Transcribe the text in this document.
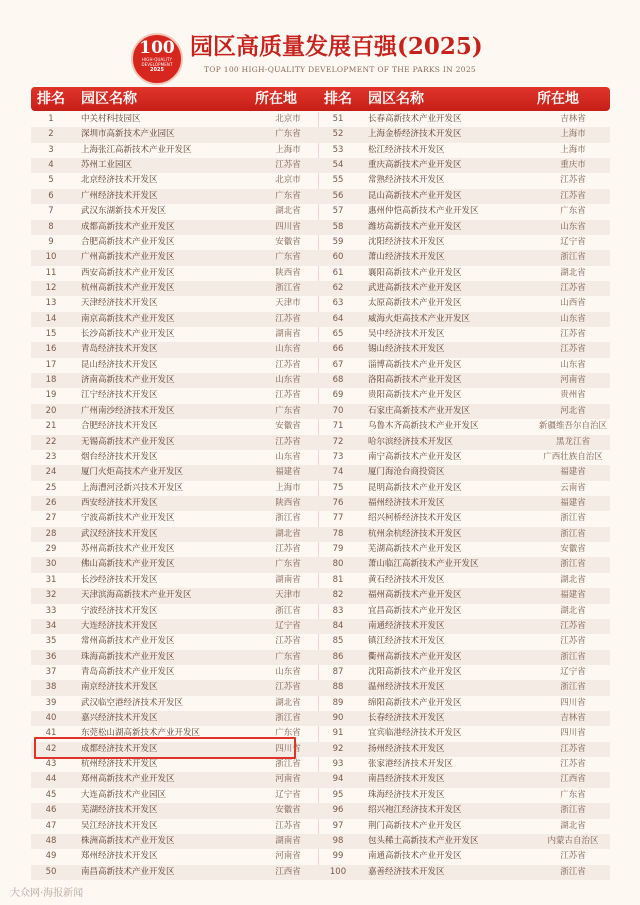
100
HIGH-QUALITY
DEVELOPMENT
2025
园区高质量发展百强(2025)
TOP 100 HIGH-QUALITY DEVELOPMENT OF THE PARKS IN 2025
排名 园区名称	所在地 排名 园区名称	所在地
1	中关村科技园区	北京市	51	长春高新技术产业开发区	吉林省
2	深圳市高新技术产业园区	广东省	52	上海金桥经济技术开发区	上海市
3	上海张江高新技术产业开发区	上海市	53	松江经济技术开发区	上海市
4	苏州工业园区	江苏省	54	重庆高新技术产业开发区	重庆市
5	北京经济技术开发区	北京市	55	常熟经济技术开发区	江苏省
6	广州经济技术开发区	广东省	56	昆山高新技术产业开发区	江苏省
7	武汉东湖新技术开发区	湖北省	57	惠州仲恺高新技术产业开发区	广东省
8	成都高新技术产业开发区	四川省	58	潍坊高新技术产业开发区	山东省
9	合肥高新技术产业开发区	安徽省	59	沈阳经济技术开发区	辽宁省
10	广州高新技术产业开发区	广东省	60	萧山经济技术开发区	浙江省
11	西安高新技术产业开发区	陕西省	61	襄阳高新技术产业开发区	湖北省
12	杭州高新技术产业开发区	浙江省	62	武进高新技术产业开发区	江苏省
13	天津经济技术开发区	天津市	63	太原高新技术产业开发区	山西省
14	南京高新技术产业开发区	江苏省	64	威海火炬高技术产业开发区	山东省
15	长沙高新技术产业开发区	湖南省	65	吴中经济技术开发区	江苏省
16	青岛经济技术开发区	山东省	66	锡山经济技术开发区	江苏省
17	昆山经济技术开发区	江苏省	67	淄博高新技术产业开发区	山东省
18	济南高新技术产业开发区	山东省	68	洛阳高新技术产业开发区	河南省
19	江宁经济技术开发区	江苏省	69	贵阳高新技术产业开发区	贵州省
20	广州南沙经济技术开发区	广东省	70	石家庄高新技术产业开发区	河北省
21	合肥经济技术开发区	安徽省	71	乌鲁木齐高新技术产业开发区	新疆维吾尔自治区
22	无锡高新技术产业开发区	江苏省	72	哈尔滨经济技术开发区	黑龙江省
23	烟台经济技术开发区	山东省	73	南宁高新技术产业开发区	广西壮族自治区
24	厦门火炬高技术产业开发区	福建省	74	厦门海沧台商投资区	福建省
25	上海漕河泾新兴技术开发区	上海市	75	昆明高新技术产业开发区	云南省
26	西安经济技术开发区	陕西省	76	福州经济技术开发区	福建省
27	宁波高新技术产业开发区	浙江省	77	绍兴柯桥经济技术开发区	浙江省
28	武汉经济技术开发区	湖北省	78	杭州余杭经济技术开发区	浙江省
29	苏州高新技术产业开发区	江苏省	79	芜湖高新技术产业开发区	安徽省
30	佛山高新技术产业开发区	广东省	80	萧山临江高新技术产业开发区	浙江省
31	长沙经济技术开发区	湖南省	81	黄石经济技术开发区	湖北省
32	天津滨海高新技术产业开发区	天津市	82	福州高新技术产业开发区	福建省
33	宁波经济技术开发区	浙江省	83	宜昌高新技术产业开发区	湖北省
34	大连经济技术开发区	辽宁省	84	南通经济技术开发区	江苏省
35	常州高新技术产业开发区	江苏省	85	镇江经济技术开发区	江苏省
36	珠海高新技术产业开发区	广东省	86	衢州高新技术产业开发区	浙江省
37	青岛高新技术产业开发区	山东省	87	沈阳高新技术产业开发区	辽宁省
38	南京经济技术开发区	江苏省	88	温州经济技术开发区	浙江省
39	武汉临空港经济技术开发区	湖北省	89	绵阳高新技术产业开发区	四川省
40	嘉兴经济技术开发区	浙江省	90	长春经济技术开发区	吉林省
41	东莞松山湖高新技术产业开发区	广东省	91	宜宾临港经济技术开发区	四川省
42	成都经济技术开发区	四川省	92	扬州经济技术开发区	江苏省
43	杭州经济技术开发区	浙江省	93	张家港经济技术开发区	江苏省
44	郑州高新技术产业开发区	河南省	94	南昌经济技术开发区	江西省
45	大连高新技术产业园区	辽宁省	95	珠海经济技术开发区	广东省
46	芜湖经济技术开发区	安徽省	96	绍兴袍江经济技术开发区	浙江省
47	吴江经济技术开发区	江苏省	97	荆门高新技术产业开发区	湖北省
48	株洲高新技术产业开发区	湖南省	98	包头稀土高新技术产业开发区	内蒙古自治区
49	郑州经济技术开发区	河南省	99	南通高新技术产业开发区	江苏省
50	南昌高新技术产业开发区	江西省	100	嘉善经济技术开发区	浙江省
大众网·海报新闻
